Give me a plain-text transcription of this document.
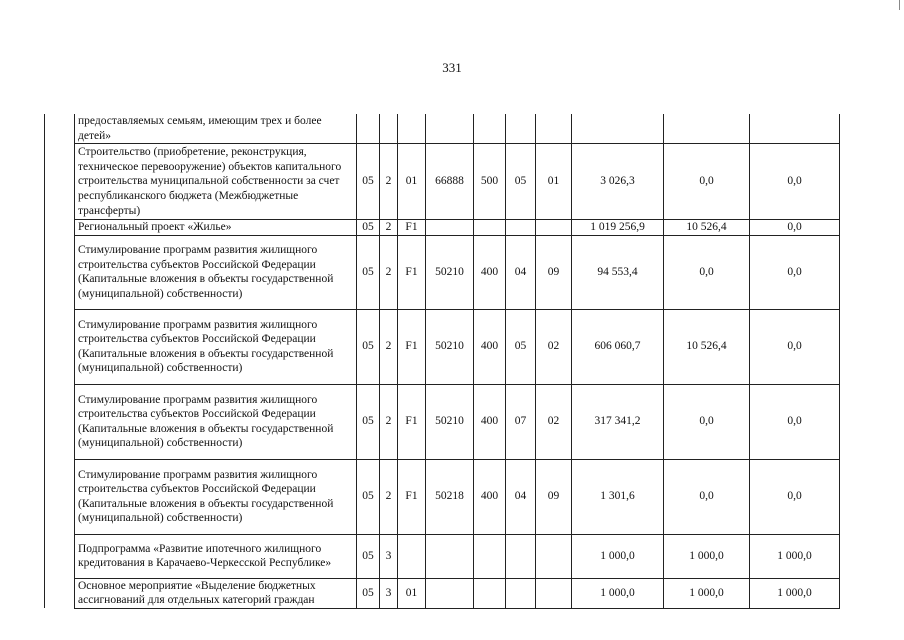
331
	предоставляемых семьям, имеющим трех и более детей»										
	Строительство (приобретение, реконструкция, техническое перевооружение) объектов капитального строительства муниципальной собственности за счет республиканского бюджета (Межбюджетные трансферты)	05	2	01	66888	500	05	01	3 026,3	0,0	0,0
	Региональный проект «Жилье»	05	2	F1					1 019 256,9	10 526,4	0,0
	Стимулирование программ развития жилищного строительства субъектов Российской Федерации (Капитальные вложения в объекты государственной (муниципальной) собственности)	05	2	F1	50210	400	04	09	94 553,4	0,0	0,0
	Стимулирование программ развития жилищного строительства субъектов Российской Федерации (Капитальные вложения в объекты государственной (муниципальной) собственности)	05	2	F1	50210	400	05	02	606 060,7	10 526,4	0,0
	Стимулирование программ развития жилищного строительства субъектов Российской Федерации (Капитальные вложения в объекты государственной (муниципальной) собственности)	05	2	F1	50210	400	07	02	317 341,2	0,0	0,0
	Стимулирование программ развития жилищного строительства субъектов Российской Федерации (Капитальные вложения в объекты государственной (муниципальной) собственности)	05	2	F1	50218	400	04	09	1 301,6	0,0	0,0
	Подпрограмма «Развитие ипотечного жилищного кредитования в Карачаево-Черкесской Республике»	05	3						1 000,0	1 000,0	1 000,0
	Основное мероприятие «Выделение бюджетных ассигнований для отдельных категорий граждан	05	3	01					1 000,0	1 000,0	1 000,0
